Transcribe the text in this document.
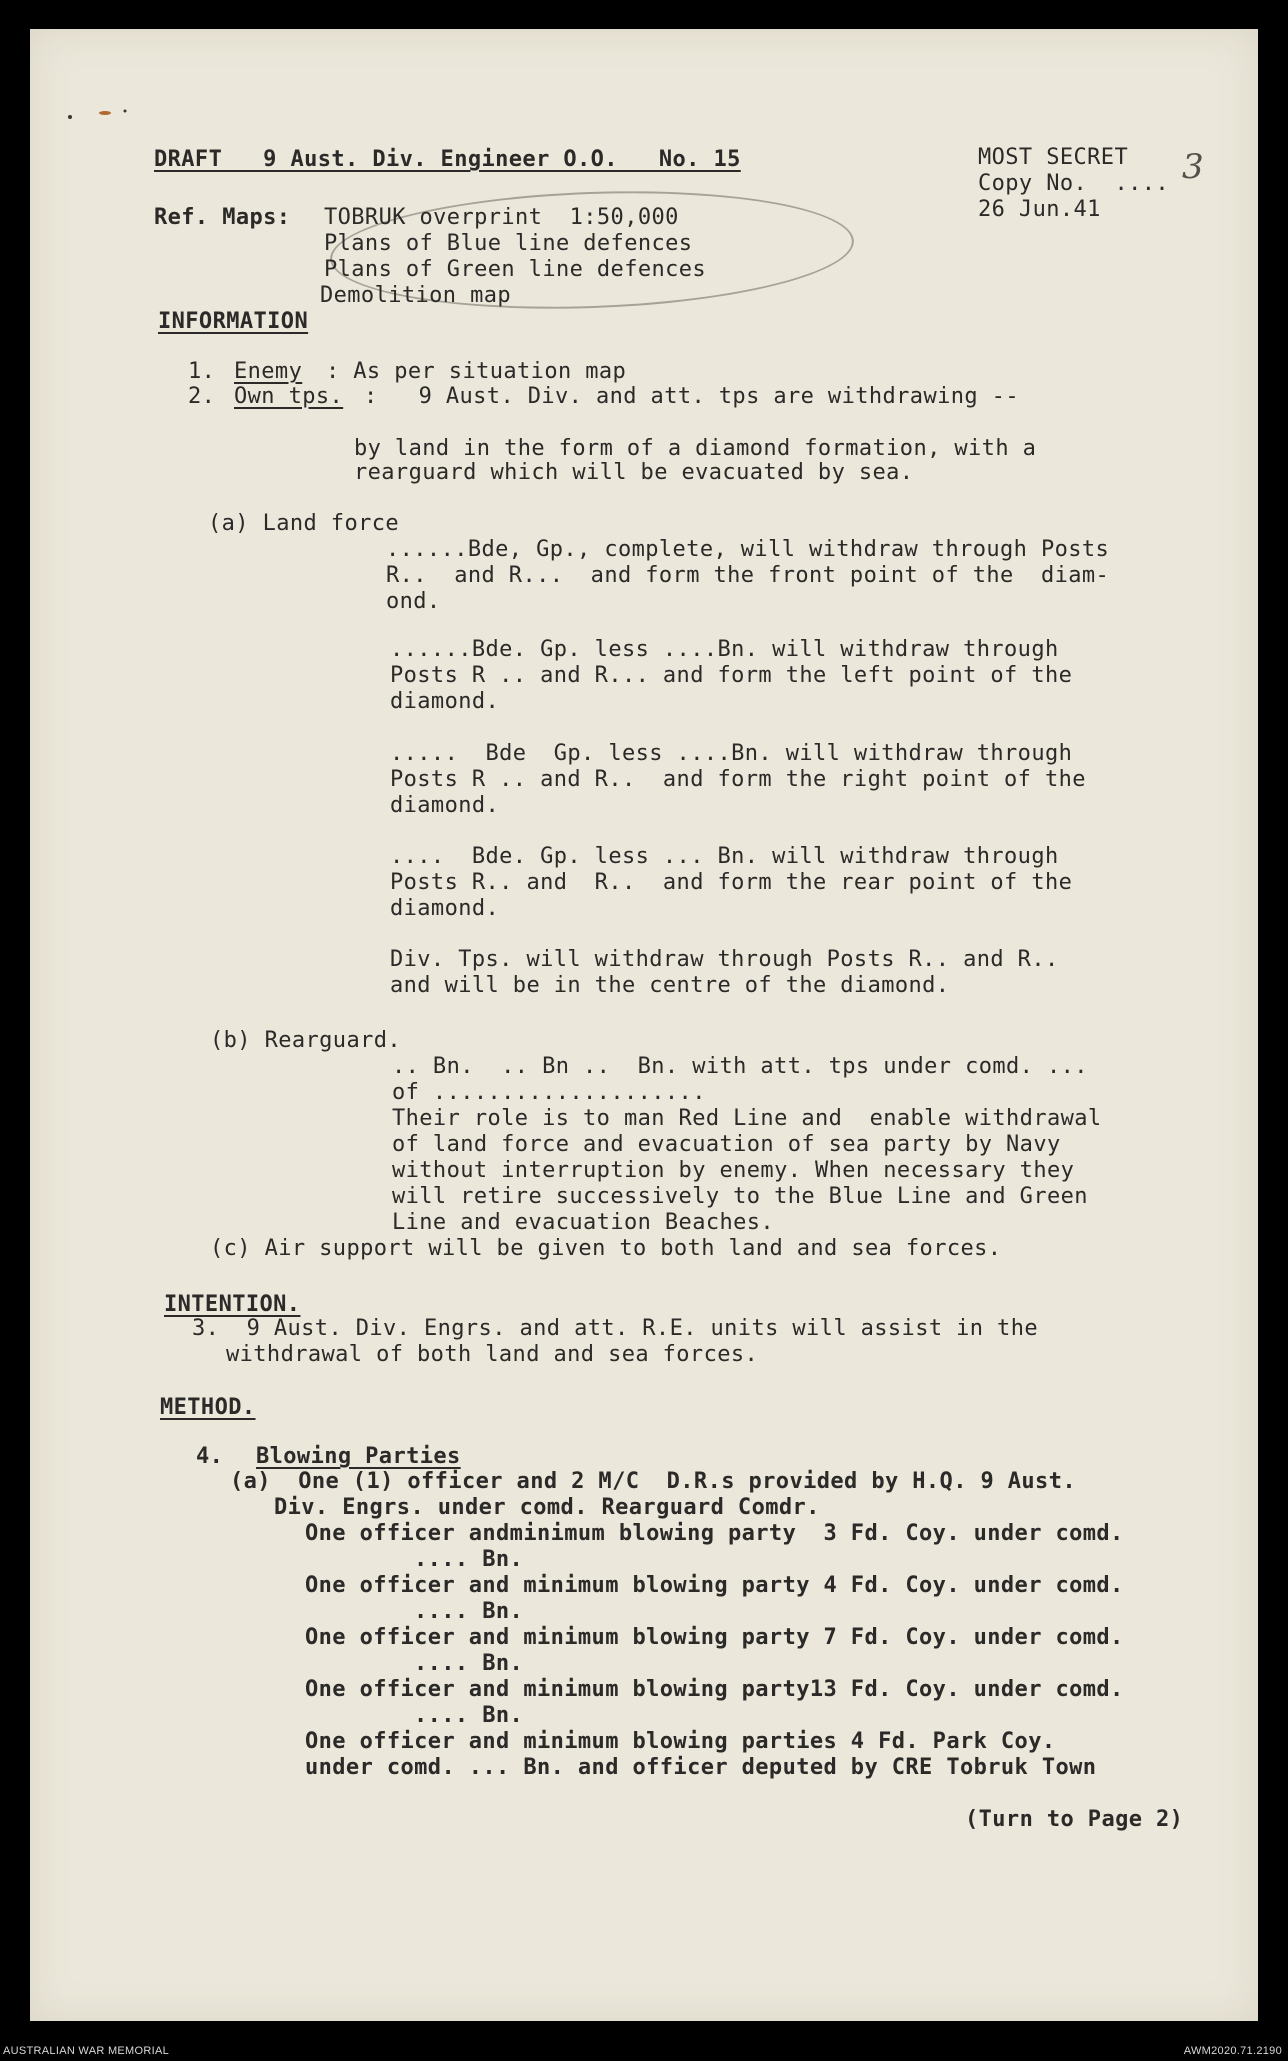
DRAFT   9 Aust. Div. Engineer O.O.   No. 15	MOST SECRET
Copy No.  .... 3
26 Jun.41
Ref. Maps: TOBRUK overprint  1:50,000
Plans of Blue line defences
Plans of Green line defences
Demolition map
INFORMATION
1. Enemy : As per situation map
2. Own tps. :   9 Aust. Div. and att. tps are withdrawing --
by land in the form of a diamond formation, with a
rearguard which will be evacuated by sea.
(a) Land force
......Bde, Gp., complete, will withdraw through Posts
R..  and R...  and form the front point of the  diam-
ond.
......Bde. Gp. less ....Bn. will withdraw through
Posts R .. and R... and form the left point of the
diamond.
.....  Bde  Gp. less ....Bn. will withdraw through
Posts R .. and R..  and form the right point of the
diamond.
....  Bde. Gp. less ... Bn. will withdraw through
Posts R.. and  R..  and form the rear point of the
diamond.
Div. Tps. will withdraw through Posts R.. and R..
and will be in the centre of the diamond.
(b) Rearguard.
.. Bn.  .. Bn ..  Bn. with att. tps under comd. ...
of ....................
Their role is to man Red Line and  enable withdrawal
of land force and evacuation of sea party by Navy
without interruption by enemy. When necessary they
will retire successively to the Blue Line and Green
Line and evacuation Beaches.
(c) Air support will be given to both land and sea forces.
INTENTION.
3.  9 Aust. Div. Engrs. and att. R.E. units will assist in the
withdrawal of both land and sea forces.
METHOD.
4. Blowing Parties
(a)  One (1) officer and 2 M/C  D.R.s provided by H.Q. 9 Aust.
Div. Engrs. under comd. Rearguard Comdr.
One officer andminimum blowing party  3 Fd. Coy. under comd.
.... Bn.
One officer and minimum blowing party 4 Fd. Coy. under comd.
.... Bn.
One officer and minimum blowing party 7 Fd. Coy. under comd.
.... Bn.
One officer and minimum blowing party13 Fd. Coy. under comd.
.... Bn.
One officer and minimum blowing parties 4 Fd. Park Coy.
under comd. ... Bn. and officer deputed by CRE Tobruk Town
(Turn to Page 2)
AUSTRALIAN WAR MEMORIAL	AWM2020.71.2190
